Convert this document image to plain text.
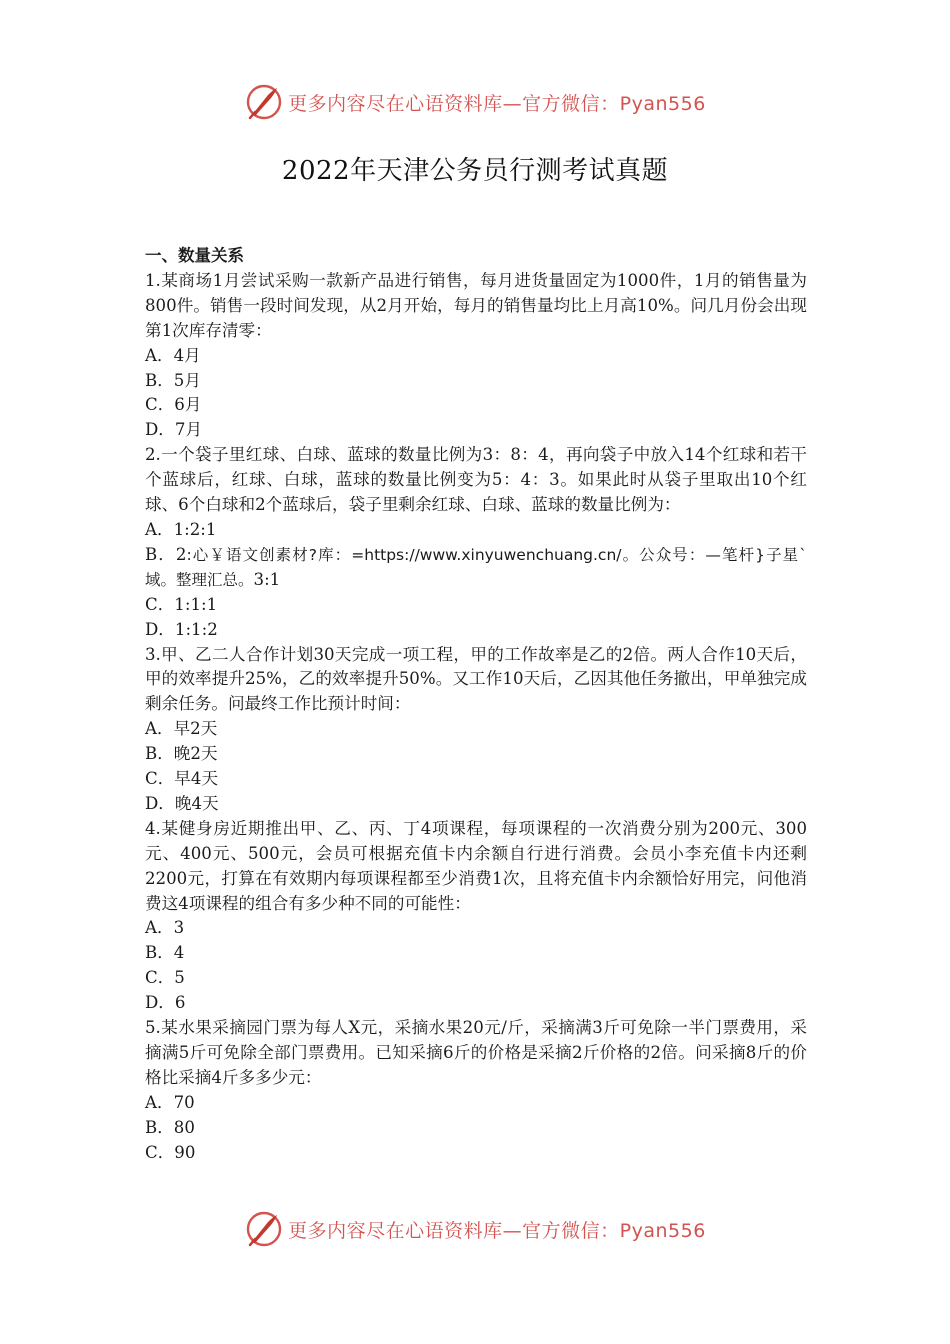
更多内容尽在心语资料库—官方微信：Pyan556
2022年天津公务员行测考试真题
一、数量关系
1.某商场1月尝试采购一款新产品进行销售，每月进货量固定为1000件，1月的销售量为800件。销售一段时间发现，从2月开始，每月的销售量均比上月高10%。问几月份会出现第1次库存清零：
A．4月
B．5月
C．6月
D．7月
2.一个袋子里红球、白球、蓝球的数量比例为3：8：4，再向袋子中放入14个红球和若干个蓝球后，红球、白球，蓝球的数量比例变为5：4：3。如果此时从袋子里取出10个红球、6个白球和2个蓝球后，袋子里剩余红球、白球、蓝球的数量比例为：
A．1:2:1
B．2:心￥语文创素材?库：=https://www.xinyuwenchuang.cn/。公众号：—笔杆}子星`域。整理汇总。3:1
C．1:1:1
D．1:1:2
3.甲、乙二人合作计划30天完成一项工程，甲的工作故率是乙的2倍。两人合作10天后，甲的效率提升25%，乙的效率提升50%。又工作10天后，乙因其他任务撤出，甲单独完成剩余任务。问最终工作比预计时间：
A．早2天
B．晚2天
C．早4天
D．晚4天
4.某健身房近期推出甲、乙、丙、丁4项课程，每项课程的一次消费分别为200元、300元、400元、500元，会员可根据充值卡内余额自行进行消费。会员小李充值卡内还剩2200元，打算在有效期内每项课程都至少消费1次，且将充值卡内余额恰好用完，问他消费这4项课程的组合有多少种不同的可能性：
A．3
B．4
C．5
D．6
5.某水果采摘园门票为每人X元，采摘水果20元/斤，采摘满3斤可免除一半门票费用，采摘满5斤可免除全部门票费用。已知采摘6斤的价格是采摘2斤价格的2倍。问采摘8斤的价格比采摘4斤多多少元：
A．70
B．80
C．90
更多内容尽在心语资料库—官方微信：Pyan556
